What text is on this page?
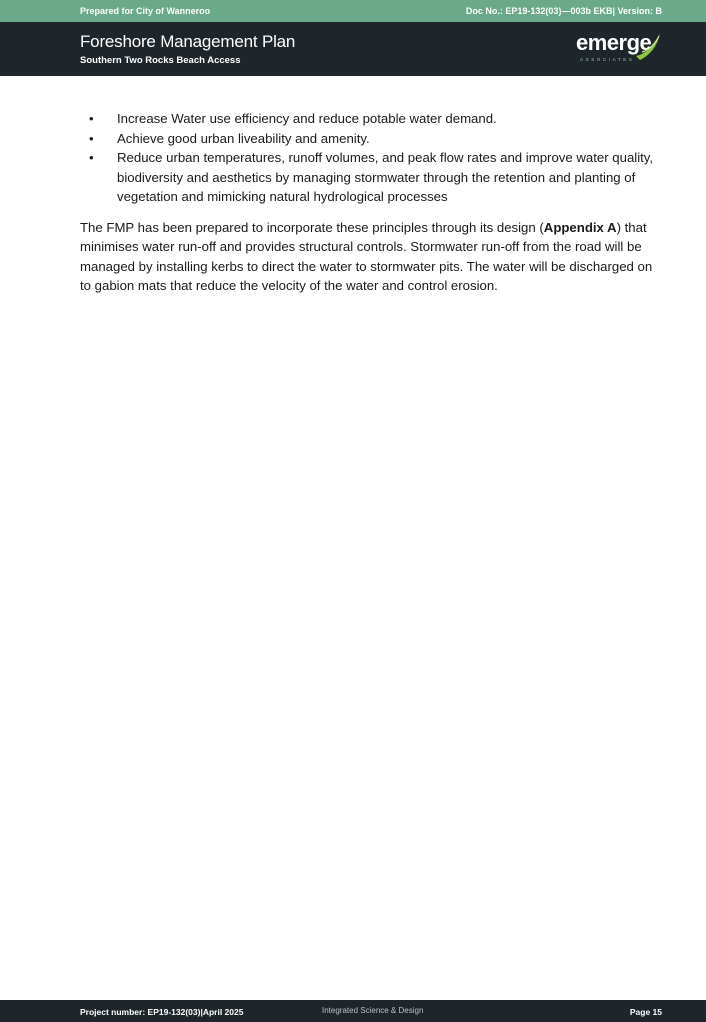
Prepared for City of Wanneroo	Doc No.: EP19-132(03)—003b EKB| Version: B
Foreshore Management Plan
Southern Two Rocks Beach Access
emerge
ASSOCIATES
• Increase Water use efficiency and reduce potable water demand.
• Achieve good urban liveability and amenity.
• Reduce urban temperatures, runoff volumes, and peak flow rates and improve water quality, biodiversity and aesthetics by managing stormwater through the retention and planting of vegetation and mimicking natural hydrological processes

The FMP has been prepared to incorporate these principles through its design (Appendix A) that minimises water run-off and provides structural controls. Stormwater run-off from the road will be managed by installing kerbs to direct the water to stormwater pits. The water will be discharged on to gabion mats that reduce the velocity of the water and control erosion.

Project number: EP19-132(03)|April 2025	Integrated Science & Design	Page 15
